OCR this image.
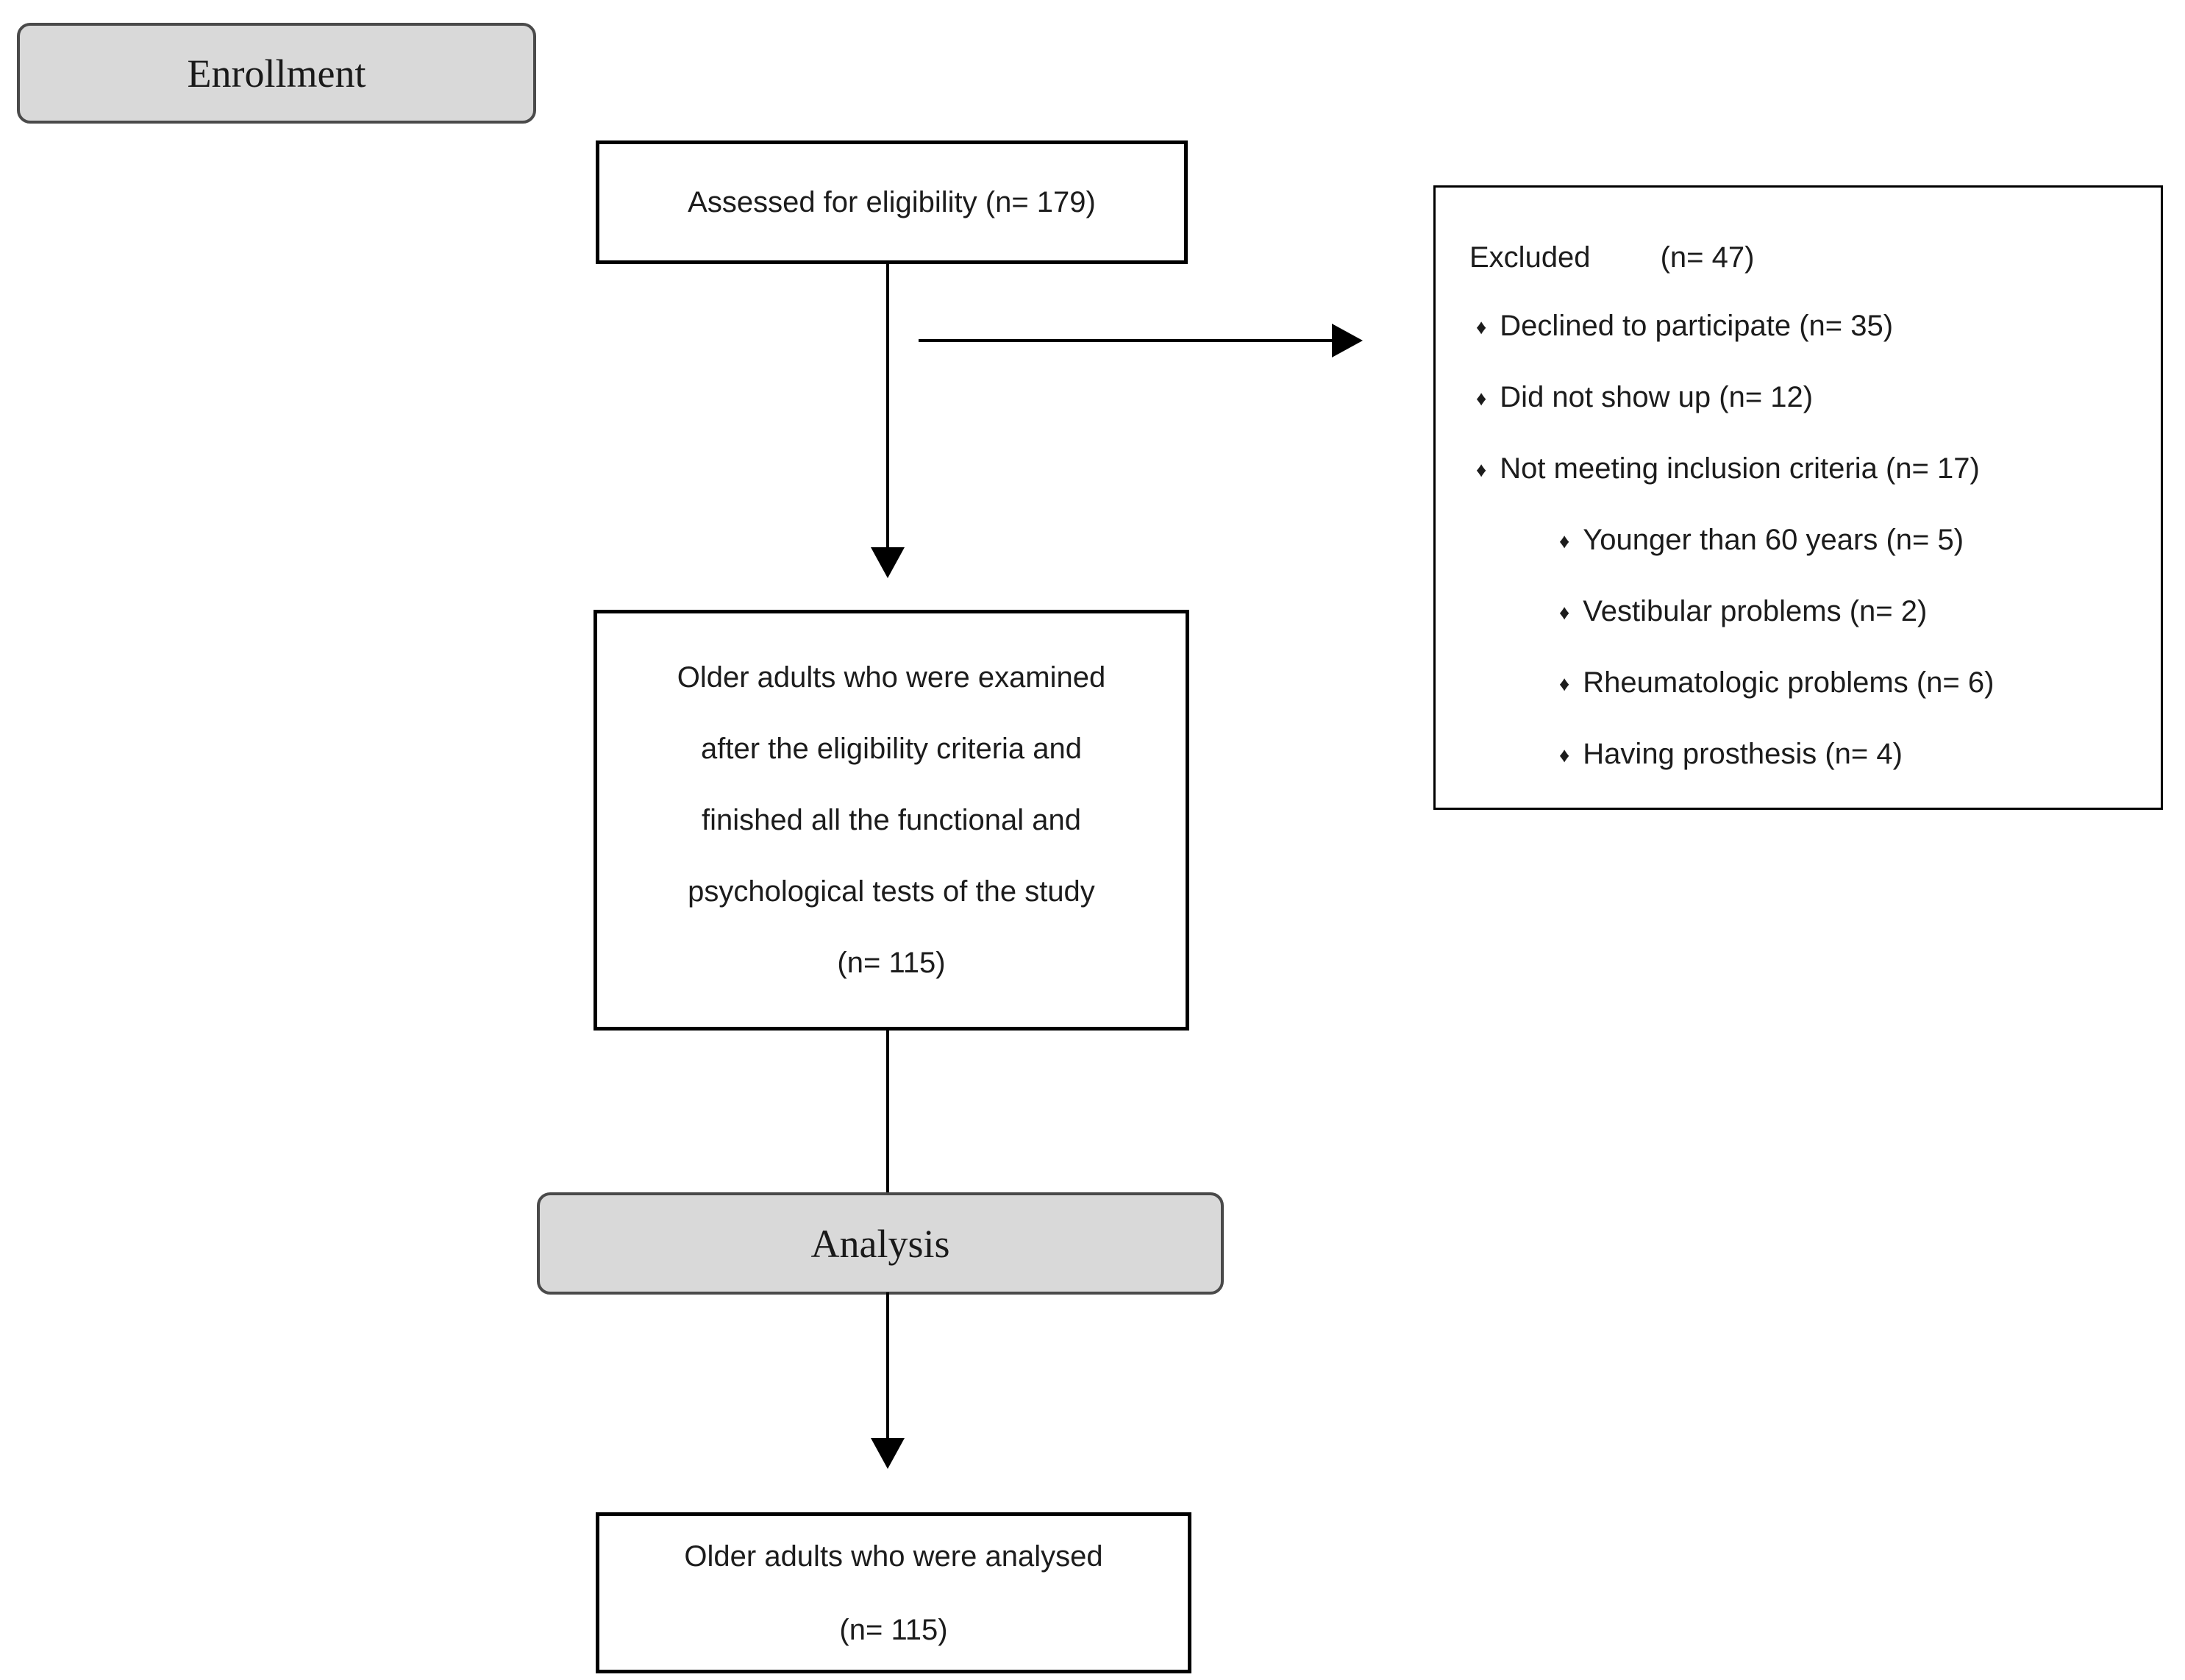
Enrollment
Assessed for eligibility (n= 179)
Excluded (n= 47)
♦ Declined to participate (n= 35)
♦ Did not show up (n= 12)
♦ Not meeting inclusion criteria (n= 17)
♦ Younger than 60 years (n= 5)
♦ Vestibular problems (n= 2)
♦ Rheumatologic problems (n= 6)
♦ Having prosthesis (n= 4)
Older adults who were examined
after the eligibility criteria and
finished all the functional and
psychological tests of the study
(n= 115)
Analysis
Older adults who were analysed
(n= 115)
